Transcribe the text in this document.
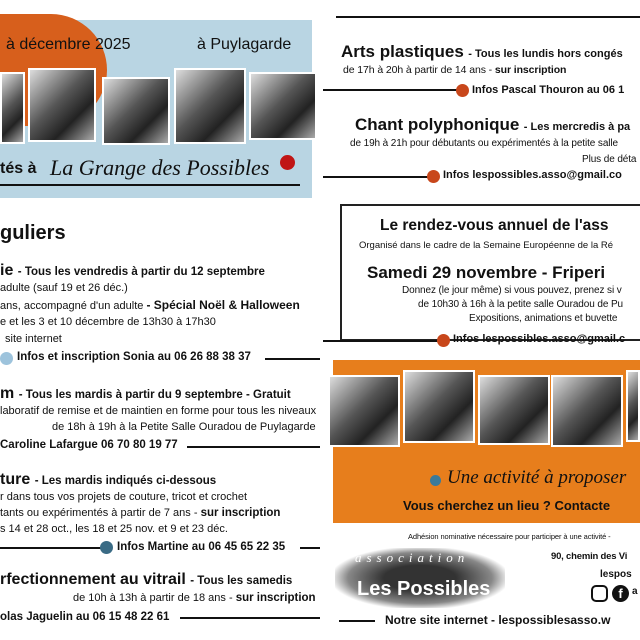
à décembre 2025	à Puylagarde
tés à La Grange des Possibles
guliers
ie - Tous les vendredis à partir du 12 septembre
adulte (sauf 19 et 26 déc.)
ans, accompagné d'un adulte - Spécial Noël & Halloween
e et les 3 et 10 décembre de 13h30 à 17h30
site internet
Infos et inscription Sonia au 06 26 88 38 37
m - Tous les mardis à partir du 9 septembre - Gratuit
laboratif de remise et de maintien en forme pour tous les niveaux
de 18h à 19h à la Petite Salle Ouradou de Puylagarde
Caroline Lafargue 06 70 80 19 77
ture - Les mardis indiqués ci-dessous
r dans tous vos projets de couture, tricot et crochet
tants ou expérimentés à partir de 7 ans - sur inscription
s 14 et 28 oct., les 18 et 25 nov. et 9 et 23 déc.
Infos Martine au 06 45 65 22 35
rfectionnement au vitrail - Tous les samedis
de 10h à 13h à partir de 18 ans - sur inscription
olas Jaguelin au 06 15 48 22 61
Arts plastiques - Tous les lundis hors congés
de 17h à 20h à partir de 14 ans - sur inscription
Infos Pascal Thouron au 06 1
Chant polyphonique - Les mercredis à pa
de 19h à 21h pour débutants ou expérimentés à la petite salle
Plus de déta
Infos lespossibles.asso@gmail.co
Le rendez-vous annuel de l'ass
Organisé dans le cadre de la Semaine Européenne de la Ré
Samedi 29 novembre - Friperi
Donnez (le jour même) si vous pouvez, prenez si v
de 10h30 à 16h à la petite salle Ouradou de Pu
Expositions, animations et buvette
Infos lespossibles.asso@gmail.c
Une activité à proposer
Vous cherchez un lieu ? Contacte
Adhésion nominative nécessaire pour participer à une activité -
association
Les Possibles
90, chemin des Vi
lespos
f a
Notre site internet - lespossiblesasso.w
